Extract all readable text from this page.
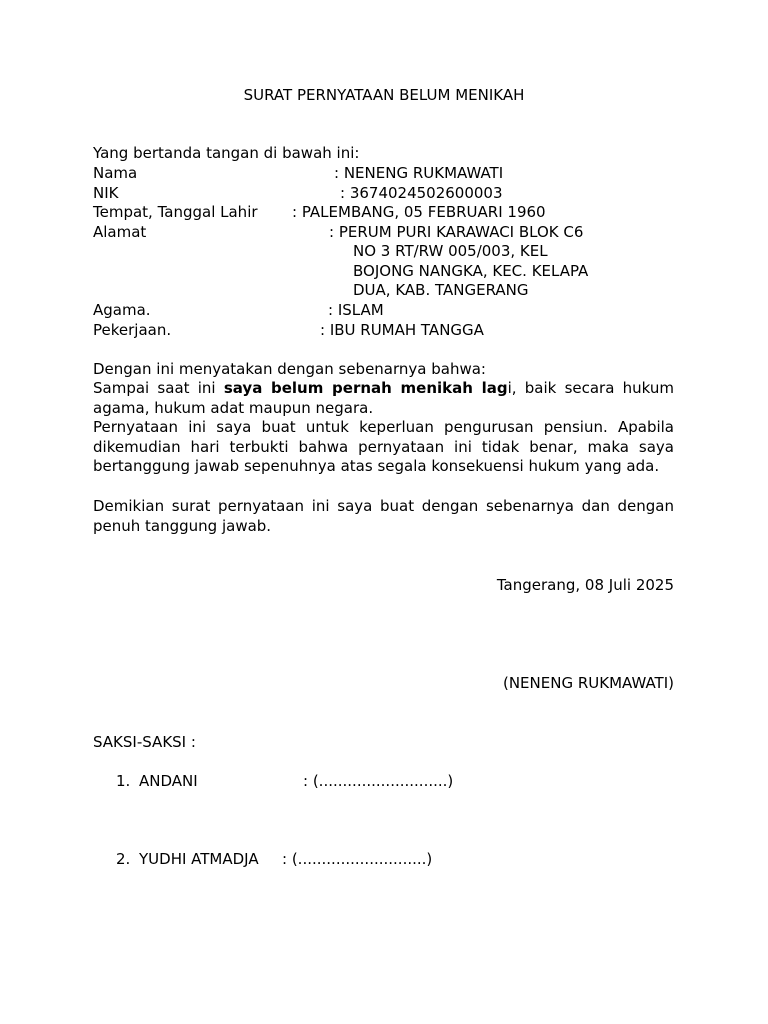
SURAT PERNYATAAN BELUM MENIKAH
Yang bertanda tangan di bawah ini:
Nama	: NENENG RUKMAWATI
NIK	: 3674024502600003
Tempat, Tanggal Lahir : PALEMBANG, 05 FEBRUARI 1960
Alamat	: PERUM PURI KARAWACI BLOK C6
NO 3 RT/RW 005/003, KEL
BOJONG NANGKA, KEC. KELAPA
DUA, KAB. TANGERANG
Agama.	: ISLAM
Pekerjaan.	: IBU RUMAH TANGGA
Dengan ini menyatakan dengan sebenarnya bahwa:
Sampai saat ini saya belum pernah menikah lagi, baik secara hukum agama, hukum adat maupun negara.
Pernyataan ini saya buat untuk keperluan pengurusan pensiun. Apabila dikemudian hari terbukti bahwa pernyataan ini tidak benar, maka saya bertanggung jawab sepenuhnya atas segala konsekuensi hukum yang ada.
Demikian surat pernyataan ini saya buat dengan sebenarnya dan dengan penuh tanggung jawab.
Tangerang, 08 Juli 2025
(NENENG RUKMAWATI)
SAKSI-SAKSI :
1. ANDANI	: (...........................)
2. YUDHI ATMADJA : (...........................)
